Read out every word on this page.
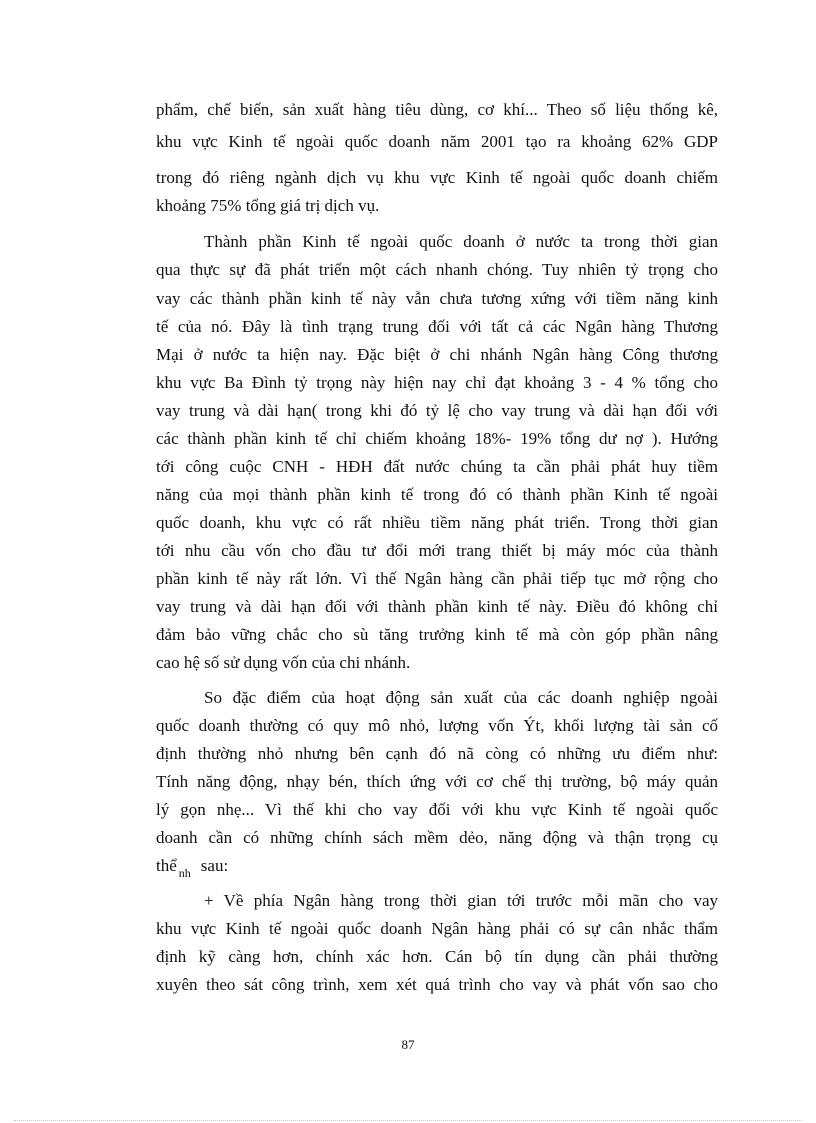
phẩm, chế biến, sản xuất hàng tiêu dùng, cơ khí... Theo số liệu thống kê,
khu vực Kinh tế ngoài quốc doanh năm 2001 tạo ra khoảng 62% GDP
trong đó riêng ngành dịch vụ khu vực Kinh tế ngoài quốc doanh chiếm
khoảng 75% tổng giá trị dịch vụ.
Thành phần Kinh tế ngoài quốc doanh ở nước ta trong thời gian
qua thực sự đã phát triển một cách nhanh chóng. Tuy nhiên tỷ trọng cho
vay các thành phần kinh tế này vẫn chưa tương xứng với tiềm năng kinh
tế của nó. Đây là tình trạng trung đối với tất cả các Ngân hàng Thương
Mại ở nước ta hiện nay. Đặc biệt ở chi nhánh Ngân hàng Công thương
khu vực Ba Đình tỷ trọng này hiện nay chỉ đạt khoảng 3 - 4 % tổng cho
vay trung và dài hạn( trong khi đó tỷ lệ cho vay trung và dài hạn đối với
các thành phần kinh tế chỉ chiếm khoảng 18%- 19% tổng dư nợ ). Hướng
tới công cuộc CNH - HĐH đất nước chúng ta cần phải phát huy tiềm
năng của mọi thành phần kinh tế trong đó có thành phần Kinh tế ngoài
quốc doanh, khu vực có rất nhiều tiềm năng phát triển. Trong thời gian
tới nhu cầu vốn cho đầu tư đổi mới trang thiết bị máy móc của thành
phần kinh tế này rất lớn. Vì thế Ngân hàng cần phải tiếp tục mở rộng cho
vay trung và dài hạn đối với thành phần kinh tế này. Điều đó không chỉ
đảm bảo vững chắc cho sù tăng trưởng kinh tế mà còn góp phần nâng
cao hệ số sử dụng vốn của chi nhánh.
So đặc điểm của hoạt động sản xuất của các doanh nghiệp ngoài
quốc doanh thường có quy mô nhỏ, lượng vốn Ýt, khối lượng tài sản cố
định thường nhỏ nhưng bên cạnh đó nã còng có những ưu điểm như:
Tính năng động, nhạy bén, thích ứng với cơ chế thị trường, bộ máy quản
lý gọn nhẹ... Vì thế khi cho vay đối với khu vực Kinh tế ngoài quốc
doanh cần có những chính sách mềm dẻo, năng động và thận trọng cụ
thể $_{nh}$ sau:
+ Về phía Ngân hàng trong thời gian tới trước mỗi mãn cho vay
khu vực Kinh tế ngoài quốc doanh Ngân hàng phải có sự cân nhắc thẩm
định kỹ càng hơn, chính xác hơn. Cán bộ tín dụng cần phải thường
xuyên theo sát công trình, xem xét quá trình cho vay và phát vốn sao cho
87
